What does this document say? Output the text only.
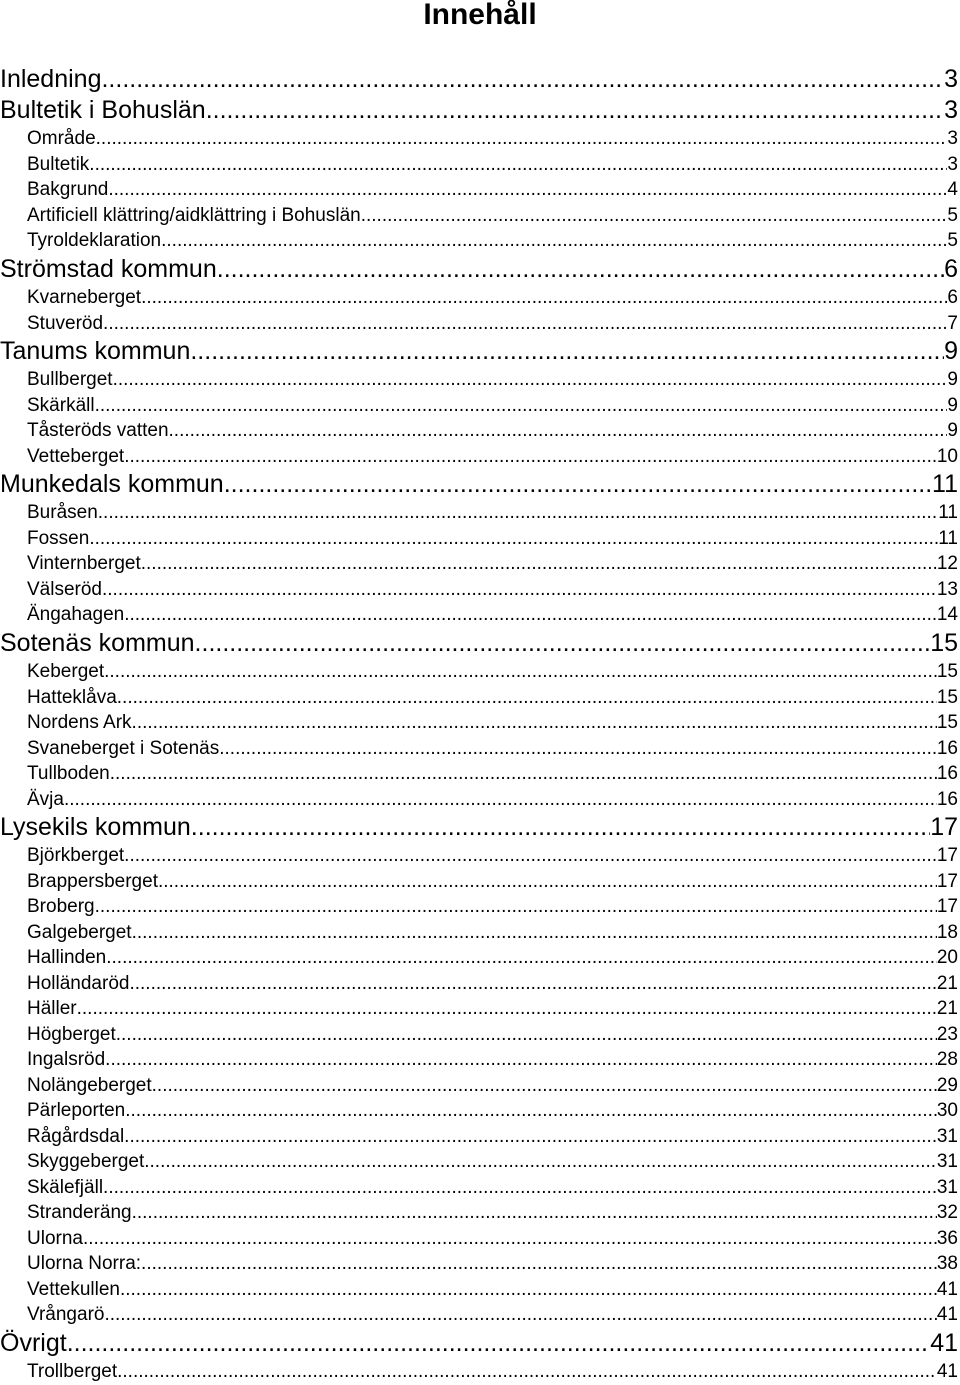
Innehåll
Inledning .....	3
Bultetik i Bohuslän .....	3
Område .....	3
Bultetik. .....	3
Bakgrund. .....	4
Artificiell klättring/aidklättring i Bohuslän .....	5
Tyroldeklaration .....	5
Strömstad kommun .....	6
Kvarneberget .....	6
Stuveröd .....	7
Tanums kommun .....	9
Bullberget .....	9
Skärkäll .....	9
Tåsteröds vatten .....	9
Vetteberget .....	10
Munkedals kommun .....	11
Buråsen .....	11
Fossen .....	11
Vinternberget .....	12
Välseröd .....	13
Ängahagen .....	14
Sotenäs kommun .....	15
Keberget .....	15
Hatteklåva .....	15
Nordens Ark .....	15
Svaneberget i Sotenäs .....	16
Tullboden .....	16
Ävja .....	16
Lysekils kommun .....	17
Björkberget .....	17
Brappersberget .....	17
Broberg .....	17
Galgeberget .....	18
Hallinden .....	20
Holländaröd .....	21
Häller .....	21
Högberget .....	23
Ingalsröd .....	28
Nolängeberget .....	29
Pärleporten .....	30
Rågårdsdal .....	31
Skyggeberget .....	31
Skälefjäll .....	31
Stranderäng .....	32
Ulorna .....	36
Ulorna Norra: .....	38
Vettekullen .....	41
Vrångarö .....	41
Övrigt .....	41
Trollberget .....	41
